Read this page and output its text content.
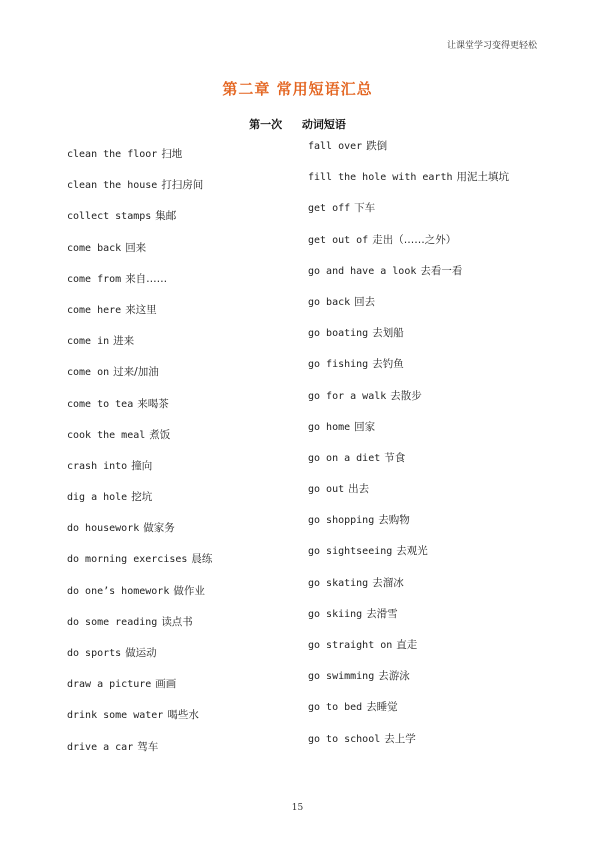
让课堂学习变得更轻松
第二章 常用短语汇总
第一次 动词短语
clean the floor 扫地
clean the house 打扫房间
collect stamps 集邮
come back 回来
come from 来自……
come here 来这里
come in 进来
come on 过来/加油
come to tea 来喝茶
cook the meal 煮饭
crash into 撞向
dig a hole 挖坑
do housework 做家务
do morning exercises 晨练
do one’s homework 做作业
do some reading 读点书
do sports 做运动
draw a picture 画画
drink some water 喝些水
drive a car 驾车
fall over 跌倒
fill the hole with earth 用泥土填坑
get off 下车
get out of 走出（……之外）
go and have a look 去看一看
go back 回去
go boating 去划船
go fishing 去钓鱼
go for a walk 去散步
go home 回家
go on a diet 节食
go out 出去
go shopping 去购物
go sightseeing 去观光
go skating 去溜冰
go skiing 去滑雪
go straight on 直走
go swimming 去游泳
go to bed 去睡觉
go to school 去上学
15
